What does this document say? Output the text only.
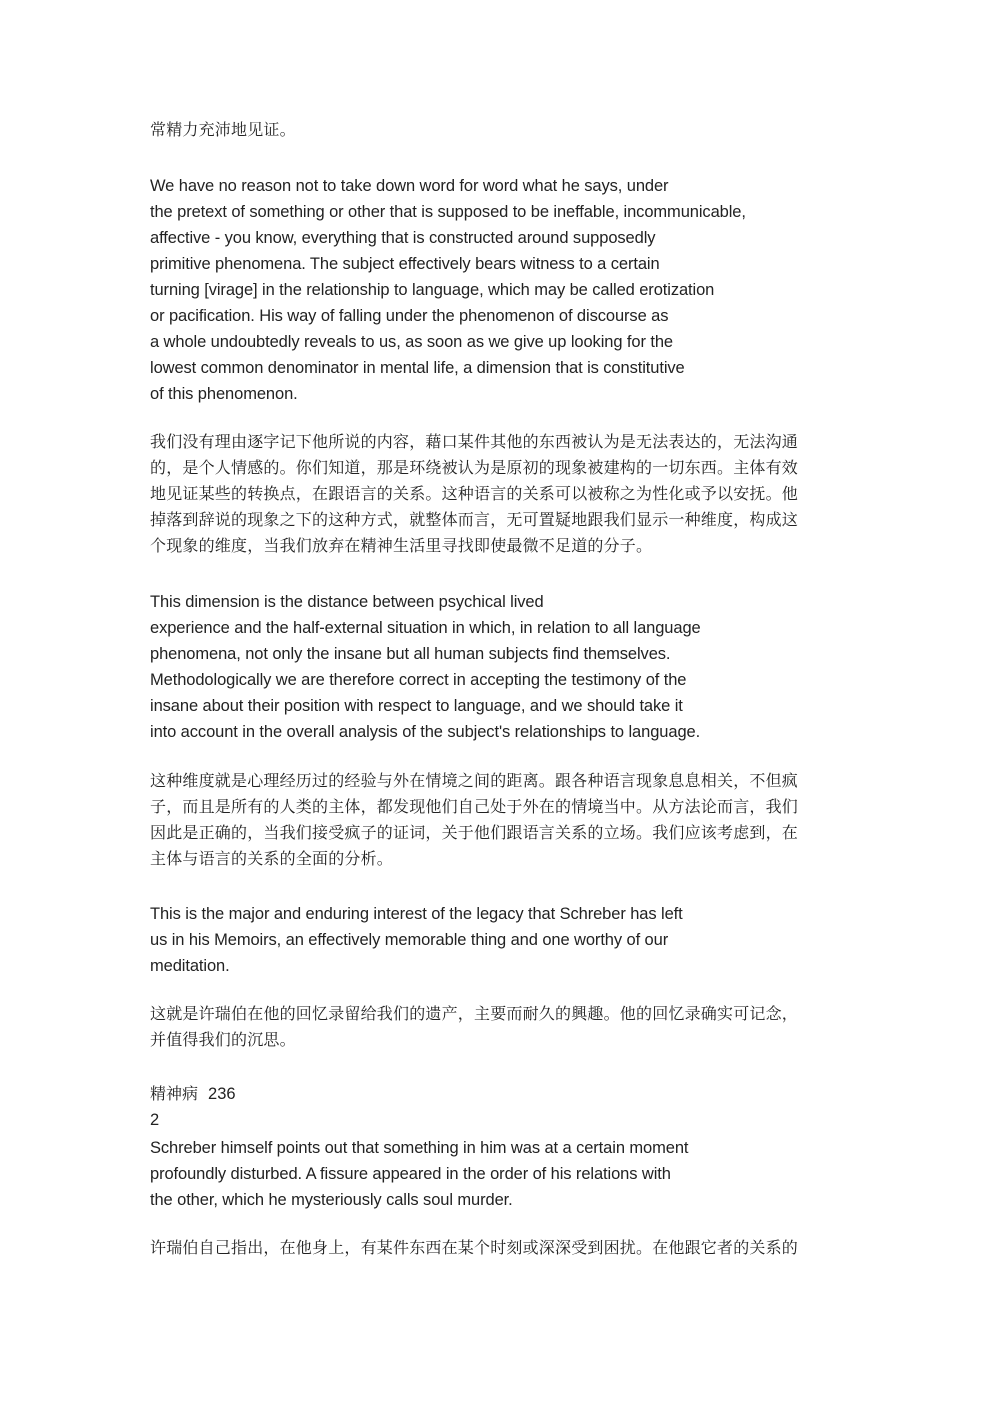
常精力充沛地见证。
We have no reason not to take down word for word what he says, under
the pretext of something or other that is supposed to be ineffable, incommunicable,
affective - you know, everything that is constructed around supposedly
primitive phenomena. The subject effectively bears witness to a certain
turning [virage] in the relationship to language, which may be called erotization
or pacification. His way of falling under the phenomenon of discourse as
a whole undoubtedly reveals to us, as soon as we give up looking for the
lowest common denominator in mental life, a dimension that is constitutive
of this phenomenon.
我们没有理由逐字记下他所说的内容，藉口某件其他的东西被认为是无法表达的，无法沟通
的，是个人情感的。你们知道，那是环绕被认为是原初的现象被建构的一切东西。主体有效
地见证某些的转换点，在跟语言的关系。这种语言的关系可以被称之为性化或予以安抚。他
掉落到辞说的现象之下的这种方式，就整体而言，无可置疑地跟我们显示一种维度，构成这
个现象的维度，当我们放弃在精神生活里寻找即使最微不足道的分子。
This dimension is the distance between psychical lived
experience and the half-external situation in which, in relation to all language
phenomena, not only the insane but all human subjects find themselves.
Methodologically we are therefore correct in accepting the testimony of the
insane about their position with respect to language, and we should take it
into account in the overall analysis of the subject's relationships to language.
这种维度就是心理经历过的经验与外在情境之间的距离。跟各种语言现象息息相关，不但疯
子，而且是所有的人类的主体，都发现他们自己处于外在的情境当中。从方法论而言，我们
因此是正确的，当我们接受疯子的证词，关于他们跟语言关系的立场。我们应该考虑到，在
主体与语言的关系的全面的分析。
This is the major and enduring interest of the legacy that Schreber has left
us in his Memoirs, an effectively memorable thing and one worthy of our
meditation.
这就是许瑞伯在他的回忆录留给我们的遗产，主要而耐久的興趣。他的回忆录确实可记念，
并值得我们的沉思。
精神病 236
2
Schreber himself points out that something in him was at a certain moment
profoundly disturbed. A fissure appeared in the order of his relations with
the other, which he mysteriously calls soul murder.
许瑞伯自己指出，在他身上，有某件东西在某个时刻或深深受到困扰。在他跟它者的关系的
